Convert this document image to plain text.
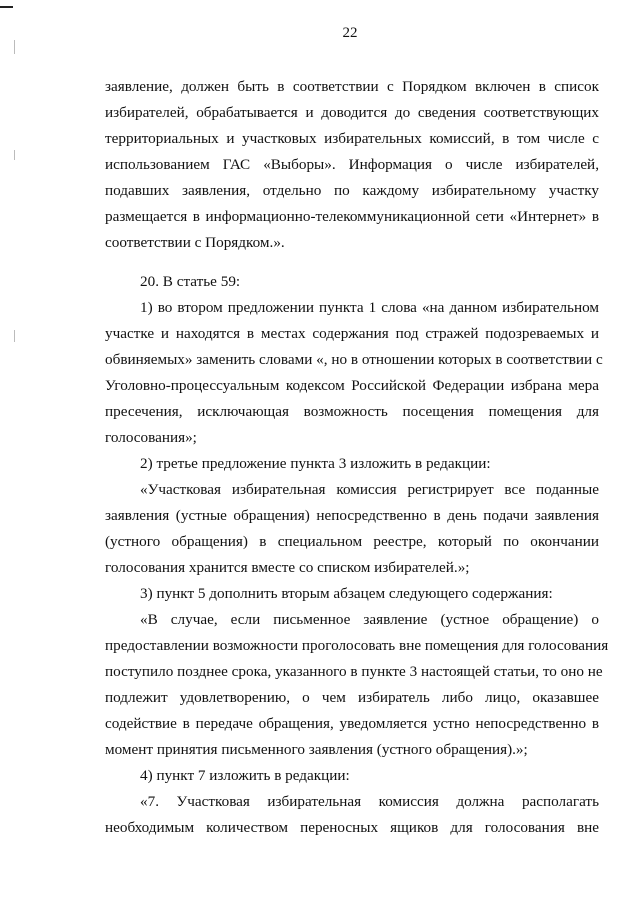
22
заявление, должен быть в соответствии с Порядком включен в список
избирателей, обрабатывается и доводится до сведения соответствующих
территориальных и участковых избирательных комиссий, в том числе с
использованием ГАС «Выборы». Информация о числе избирателей,
подавших заявления, отдельно по каждому избирательному участку
размещается в информационно-телекоммуникационной сети «Интернет» в
соответствии с Порядком.».
20. В статье 59:
1) во втором предложении пункта 1 слова «на данном избирательном
участке и находятся в местах содержания под стражей подозреваемых и
обвиняемых» заменить словами «, но в отношении которых в соответствии с
Уголовно-процессуальным кодексом Российской Федерации избрана мера
пресечения, исключающая возможность посещения помещения для
голосования»;
2) третье предложение пункта 3 изложить в редакции:
«Участковая избирательная комиссия регистрирует все поданные
заявления (устные обращения) непосредственно в день подачи заявления
(устного обращения) в специальном реестре, который по окончании
голосования хранится вместе со списком избирателей.»;
3) пункт 5 дополнить вторым абзацем следующего содержания:
«В случае, если письменное заявление (устное обращение) о
предоставлении возможности проголосовать вне помещения для голосования
поступило позднее срока, указанного в пункте 3 настоящей статьи, то оно не
подлежит удовлетворению, о чем избиратель либо лицо, оказавшее
содействие в передаче обращения, уведомляется устно непосредственно в
момент принятия письменного заявления (устного обращения).»;
4) пункт 7 изложить в редакции:
«7. Участковая избирательная комиссия должна располагать
необходимым количеством переносных ящиков для голосования вне
